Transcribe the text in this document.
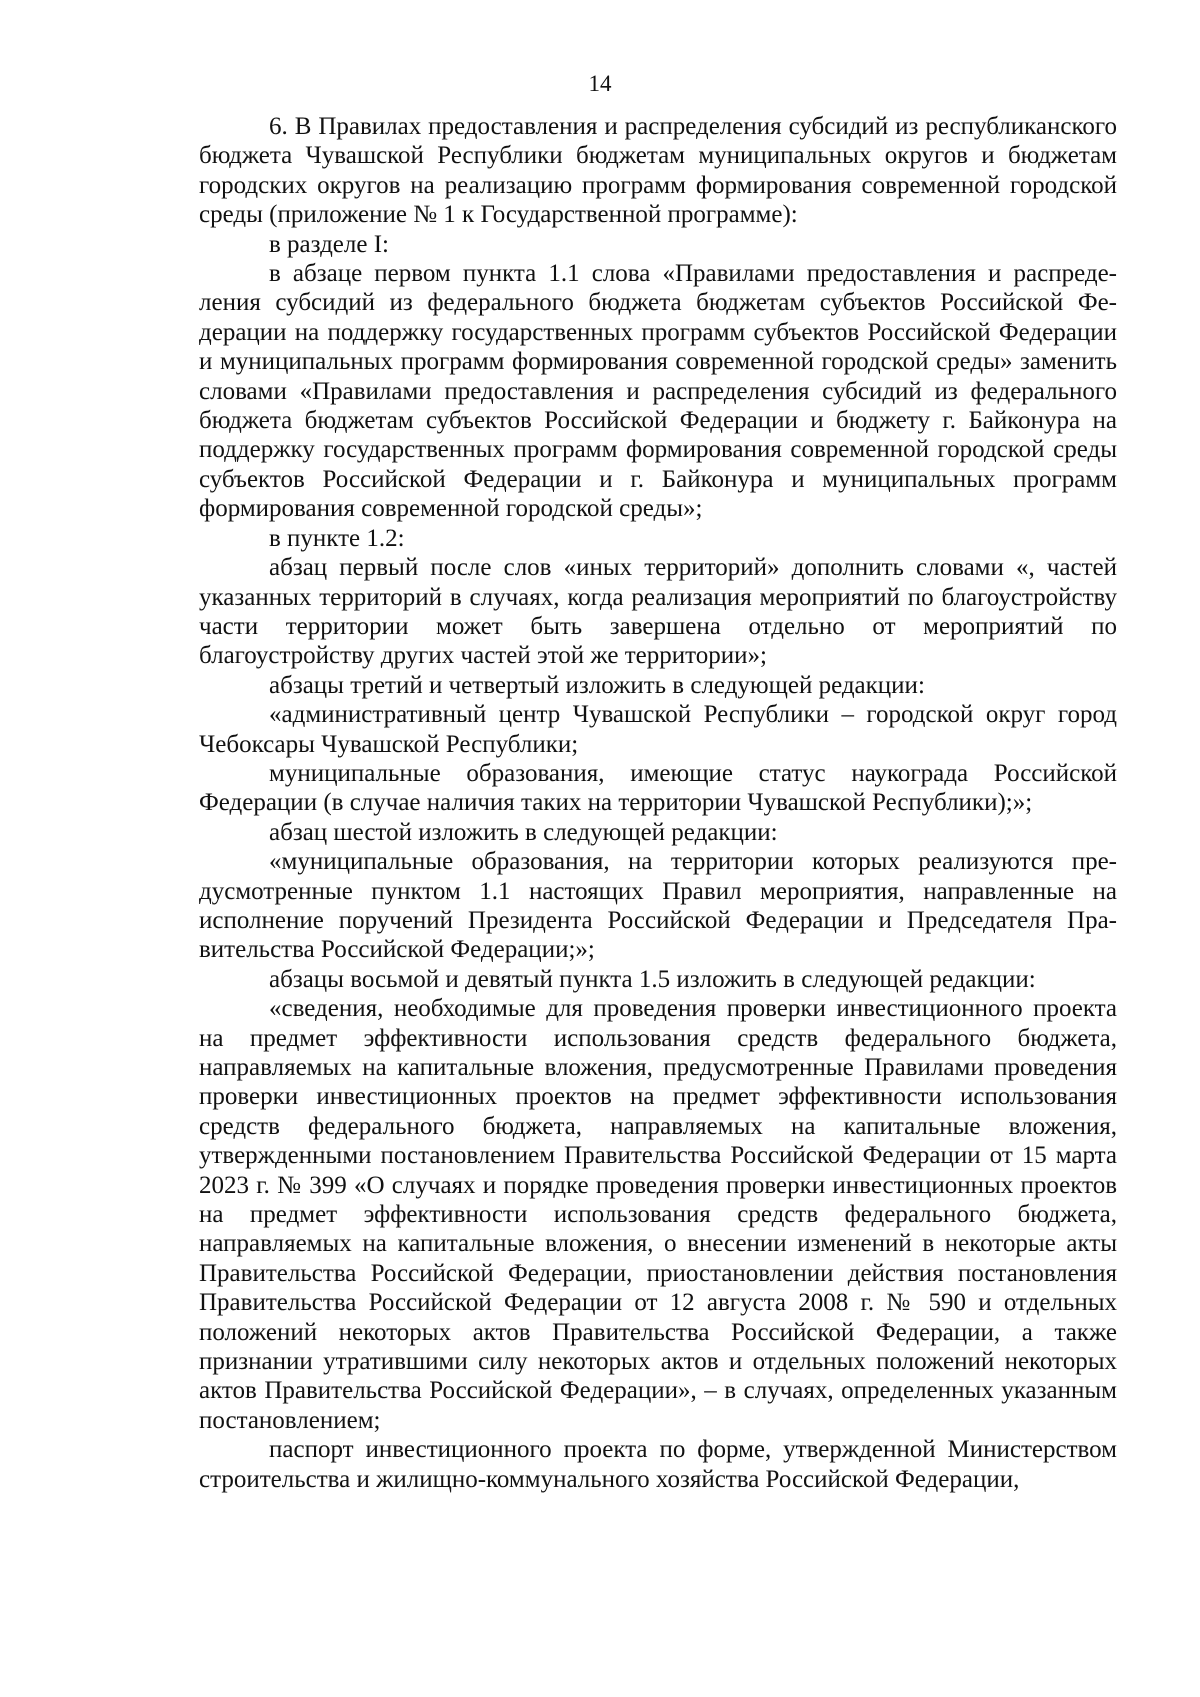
14

6. В Правилах предоставления и распределения субсидий из республиканского бюджета Чувашской Республики бюджетам муниципальных округов и бюджетам городских округов на реализацию программ формирования современной городской среды (приложение № 1 к Государственной программе):

в разделе I:

в абзаце первом пункта 1.1 слова «Правилами предоставления и распределения субсидий из федерального бюджета бюджетам субъектов Российской Федерации на поддержку государственных программ субъектов Российской Федерации и муниципальных программ формирования современной городской среды» заменить словами «Правилами предоставления и распределения субсидий из федерального бюджета бюджетам субъектов Российской Федерации и бюджету г. Байконура на поддержку государственных программ формирования современной городской среды субъектов Российской Федерации и г. Байконура и муниципальных программ формирования современной городской среды»;

в пункте 1.2:

абзац первый после слов «иных территорий» дополнить словами «, частей указанных территорий в случаях, когда реализация мероприятий по благоустройству части территории может быть завершена отдельно от мероприятий по благоустройству других частей этой же территории»;

абзацы третий и четвертый изложить в следующей редакции:

«административный центр Чувашской Республики – городской округ город Чебоксары Чувашской Республики;

муниципальные образования, имеющие статус наукограда Российской Федерации (в случае наличия таких на территории Чувашской Республики);»;

абзац шестой изложить в следующей редакции:

«муниципальные образования, на территории которых реализуются предусмотренные пунктом 1.1 настоящих Правил мероприятия, направленные на исполнение поручений Президента Российской Федерации и Председателя Правительства Российской Федерации;»;

абзацы восьмой и девятый пункта 1.5 изложить в следующей редакции:

«сведения, необходимые для проведения проверки инвестиционного проекта на предмет эффективности использования средств федерального бюджета, направляемых на капитальные вложения, предусмотренные Правилами проведения проверки инвестиционных проектов на предмет эффективности использования средств федерального бюджета, направляемых на капитальные вложения, утвержденными постановлением Правительства Российской Федерации от 15 марта 2023 г. № 399 «О случаях и порядке проведения проверки инвестиционных проектов на предмет эффективности использования средств федерального бюджета, направляемых на капитальные вложения, о внесении изменений в некоторые акты Правительства Российской Федерации, приостановлении действия постановления Правительства Российской Федерации от 12 августа 2008 г. № 590 и отдельных положений некоторых актов Правительства Российской Федерации, а также признании утратившими силу некоторых актов и отдельных положений некоторых актов Правительства Российской Федерации», – в случаях, определенных указанным постановлением;

паспорт инвестиционного проекта по форме, утвержденной Министерством строительства и жилищно-коммунального хозяйства Российской Федерации,
